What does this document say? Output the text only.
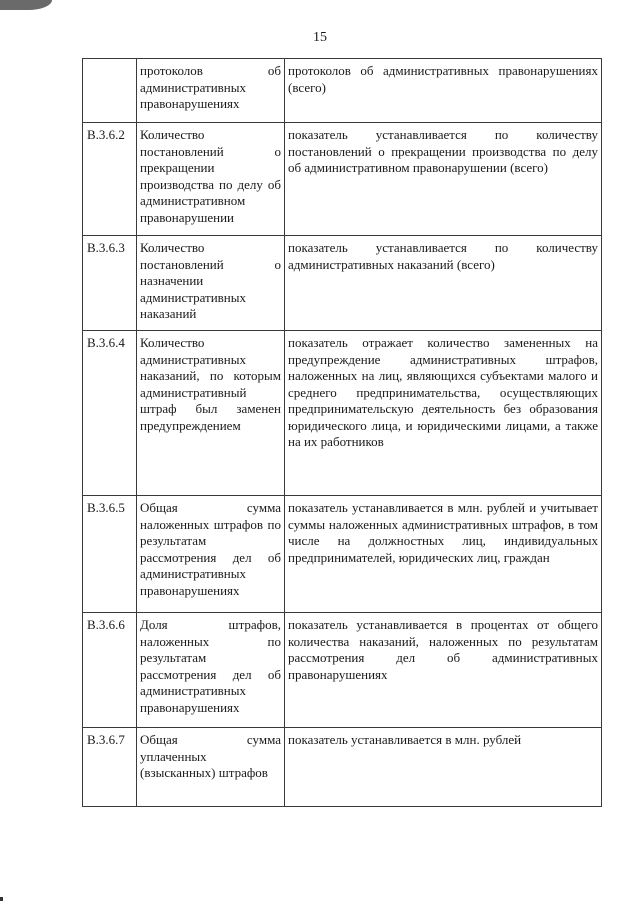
15
	протоколов об административных правонарушениях	протоколов об административных правонарушениях (всего)
В.3.6.2	Количество постановлений о прекращении производства по делу об административном правонарушении	показатель устанавливается по количеству постановлений о прекращении производства по делу об административном правонарушении (всего)
В.3.6.3	Количество постановлений о назначении административных наказаний	показатель устанавливается по количеству административных наказаний (всего)
В.3.6.4	Количество административных наказаний, по которым административный штраф был заменен предупреждением	показатель отражает количество замененных на предупреждение административных штрафов, наложенных на лиц, являющихся субъектами малого и среднего предпринимательства, осуществляющих предпринимательскую деятельность без образования юридического лица, и юридическими лицами, а также на их работников
В.3.6.5	Общая сумма наложенных штрафов по результатам рассмотрения дел об административных правонарушениях	показатель устанавливается в млн. рублей и учитывает суммы наложенных административных штрафов, в том числе на должностных лиц, индивидуальных предпринимателей, юридических лиц, граждан
В.3.6.6	Доля штрафов, наложенных по результатам рассмотрения дел об административных правонарушениях	показатель устанавливается в процентах от общего количества наказаний, наложенных по результатам рассмотрения дел об административных правонарушениях
В.3.6.7	Общая сумма уплаченных (взысканных) штрафов	показатель устанавливается в млн. рублей
